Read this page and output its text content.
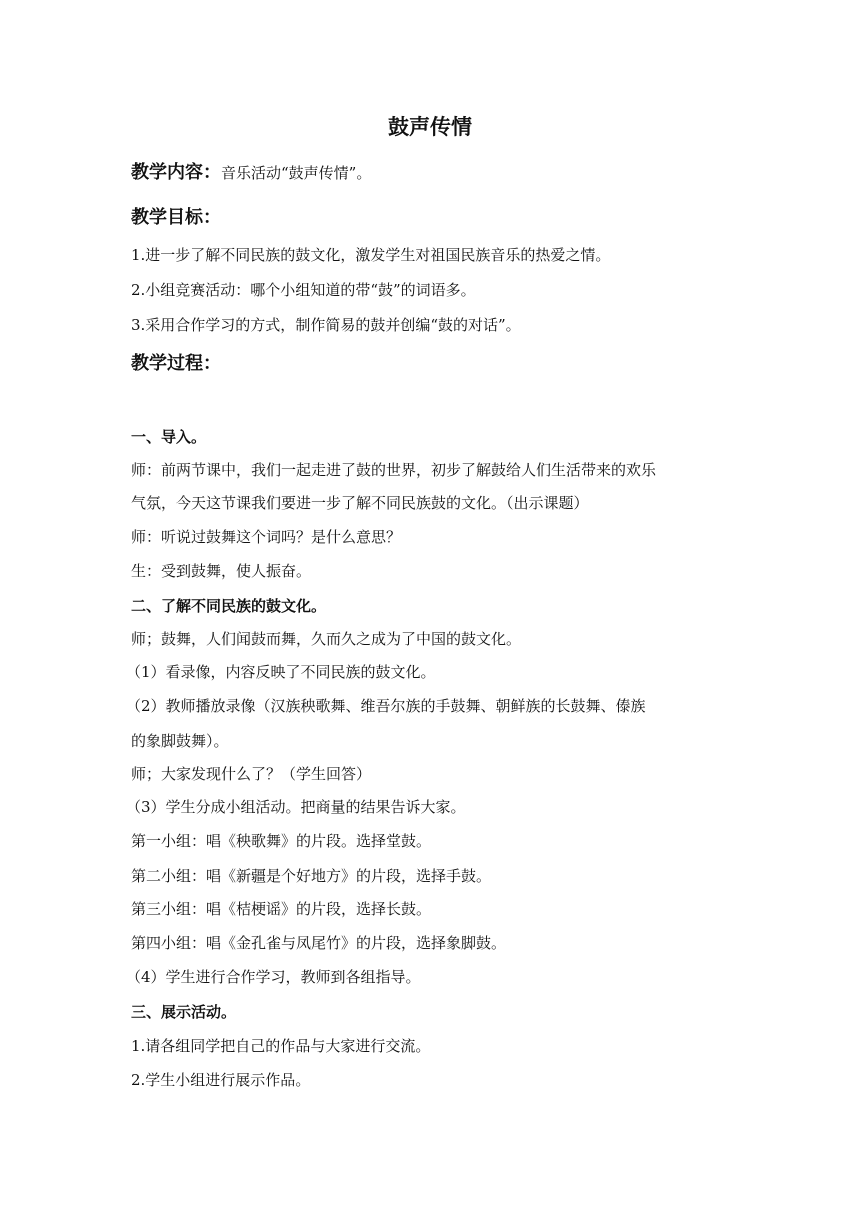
鼓声传情
教学内容：音乐活动“鼓声传情”。
教学目标：
1.进一步了解不同民族的鼓文化，激发学生对祖国民族音乐的热爱之情。
2.小组竞赛活动：哪个小组知道的带“鼓”的词语多。
3.采用合作学习的方式，制作简易的鼓并创编“鼓的对话”。
教学过程：
一、导入。
师：前两节课中，我们一起走进了鼓的世界，初步了解鼓给人们生活带来的欢乐
气氛，今天这节课我们要进一步了解不同民族鼓的文化。（出示课题）
师：听说过鼓舞这个词吗？是什么意思？
生：受到鼓舞，使人振奋。
二、了解不同民族的鼓文化。
师；鼓舞，人们闻鼓而舞，久而久之成为了中国的鼓文化。
（1）看录像，内容反映了不同民族的鼓文化。
（2）教师播放录像（汉族秧歌舞、维吾尔族的手鼓舞、朝鲜族的长鼓舞、傣族
的象脚鼓舞）。
师；大家发现什么了？（学生回答）
（3）学生分成小组活动。把商量的结果告诉大家。
第一小组：唱《秧歌舞》的片段。选择堂鼓。
第二小组：唱《新疆是个好地方》的片段，选择手鼓。
第三小组：唱《桔梗谣》的片段，选择长鼓。
第四小组：唱《金孔雀与凤尾竹》的片段，选择象脚鼓。
（4）学生进行合作学习，教师到各组指导。
三、展示活动。
1.请各组同学把自己的作品与大家进行交流。
2.学生小组进行展示作品。
